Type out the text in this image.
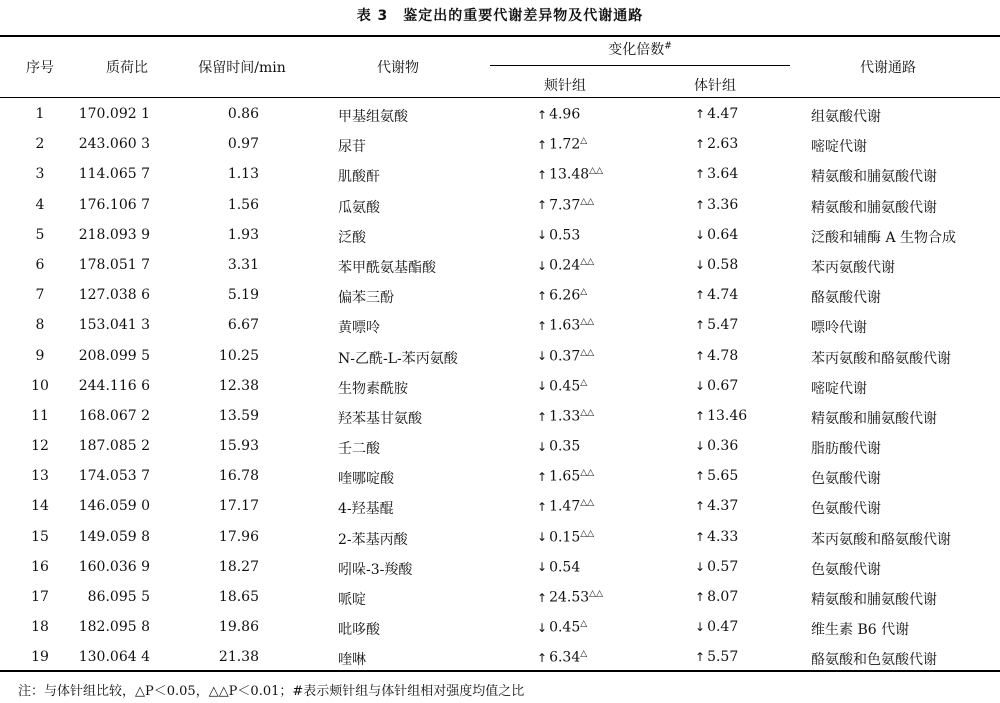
表 3　鉴定出的重要代谢差异物及代谢通路
序号	质荷比	保留时间/min	代谢物
变化倍数#
颊针组	体针组
代谢通路
1 170.092 1	0.86	甲基组氨酸	↑ 4.96	↑ 4.47	组氨酸代谢
2 243.060 3	0.97	尿苷	↑ 1.72△	↑ 2.63	嘧啶代谢
3 114.065 7	1.13	肌酸酐	↑ 13.48△△	↑ 3.64	精氨酸和脯氨酸代谢
4 176.106 7	1.56	瓜氨酸	↑ 7.37△△	↑ 3.36	精氨酸和脯氨酸代谢
5 218.093 9	1.93	泛酸	↓ 0.53	↓ 0.64	泛酸和辅酶 A 生物合成
6 178.051 7	3.31	苯甲酰氨基酯酸	↓ 0.24△△	↓ 0.58	苯丙氨酸代谢
7 127.038 6	5.19	偏苯三酚	↑ 6.26△	↑ 4.74	酪氨酸代谢
8 153.041 3	6.67	黄嘌呤	↑ 1.63△△	↑ 5.47	嘌呤代谢
9 208.099 5	10.25	N-乙酰-L-苯丙氨酸	↓ 0.37△△	↑ 4.78	苯丙氨酸和酪氨酸代谢
10 244.116 6	12.38	生物素酰胺	↓ 0.45△	↓ 0.67	嘧啶代谢
11 168.067 2	13.59	羟苯基甘氨酸	↑ 1.33△△	↑ 13.46	精氨酸和脯氨酸代谢
12 187.085 2	15.93	壬二酸	↓ 0.35	↓ 0.36	脂肪酸代谢
13 174.053 7	16.78	喹哪啶酸	↑ 1.65△△	↑ 5.65	色氨酸代谢
14 146.059 0	17.17	4-羟基醌	↑ 1.47△△	↑ 4.37	色氨酸代谢
15 149.059 8	17.96	2-苯基丙酸	↓ 0.15△△	↑ 4.33	苯丙氨酸和酪氨酸代谢
16 160.036 9	18.27	吲哚-3-羧酸	↓ 0.54	↓ 0.57	色氨酸代谢
17	86.095 5	18.65	哌啶	↑ 24.53△△	↑ 8.07	精氨酸和脯氨酸代谢
18 182.095 8	19.86	吡哆酸	↓ 0.45△	↓ 0.47	维生素 B6 代谢
19 130.064 4	21.38	喹啉	↑ 6.34△	↑ 5.57	酪氨酸和色氨酸代谢
注：与体针组比较，△P＜0.05，△△P＜0.01；#表示颊针组与体针组相对强度均值之比
